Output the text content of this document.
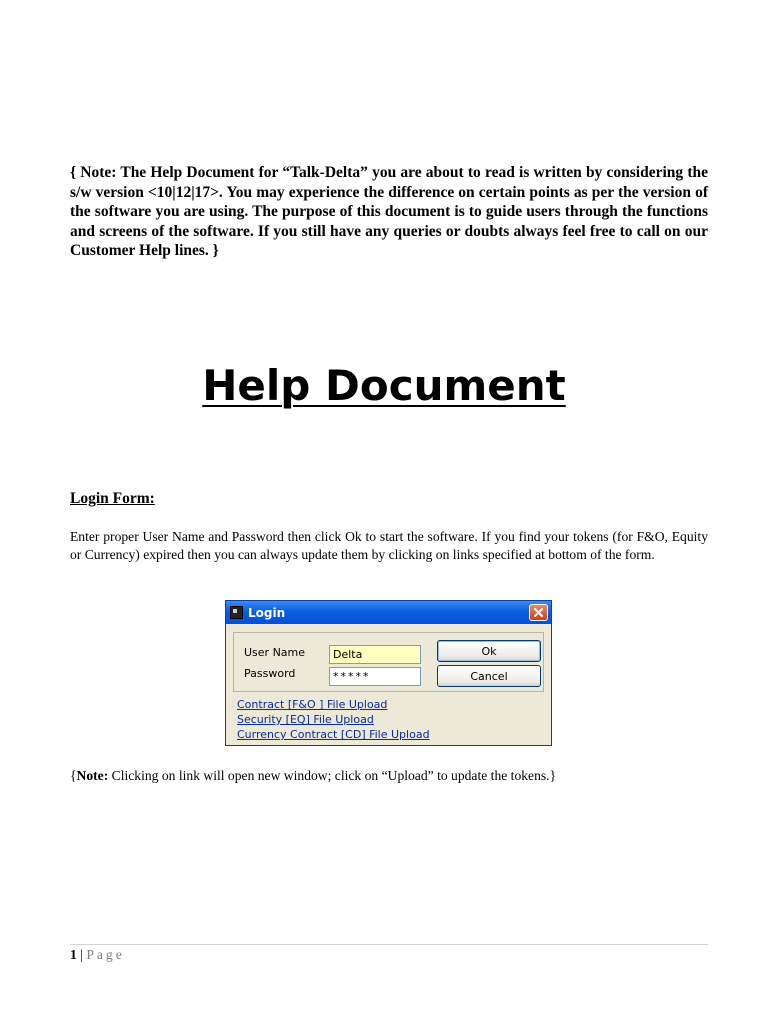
{ Note: The Help Document for “Talk-Delta” you are about to read is written by considering the s/w version <10|12|17>. You may experience the difference on certain points as per the version of the software you are using. The purpose of this document is to guide users through the functions and screens of the software. If you still have any queries or doubts always feel free to call on our Customer Help lines. }

Help Document
Login Form:

Enter proper User Name and Password then click Ok to start the software. If you find your tokens (for F&O, Equity or Currency) expired then you can always update them by clicking on links specified at bottom of the form.

Login
User Name
Password
Delta
*****
Ok
Cancel
Contract [F&O ] File Upload
Security [EQ] File Upload
Currency Contract [CD] File Upload

{Note: Clicking on link will open new window; click on “Upload” to update the tokens.}

1 | Page
